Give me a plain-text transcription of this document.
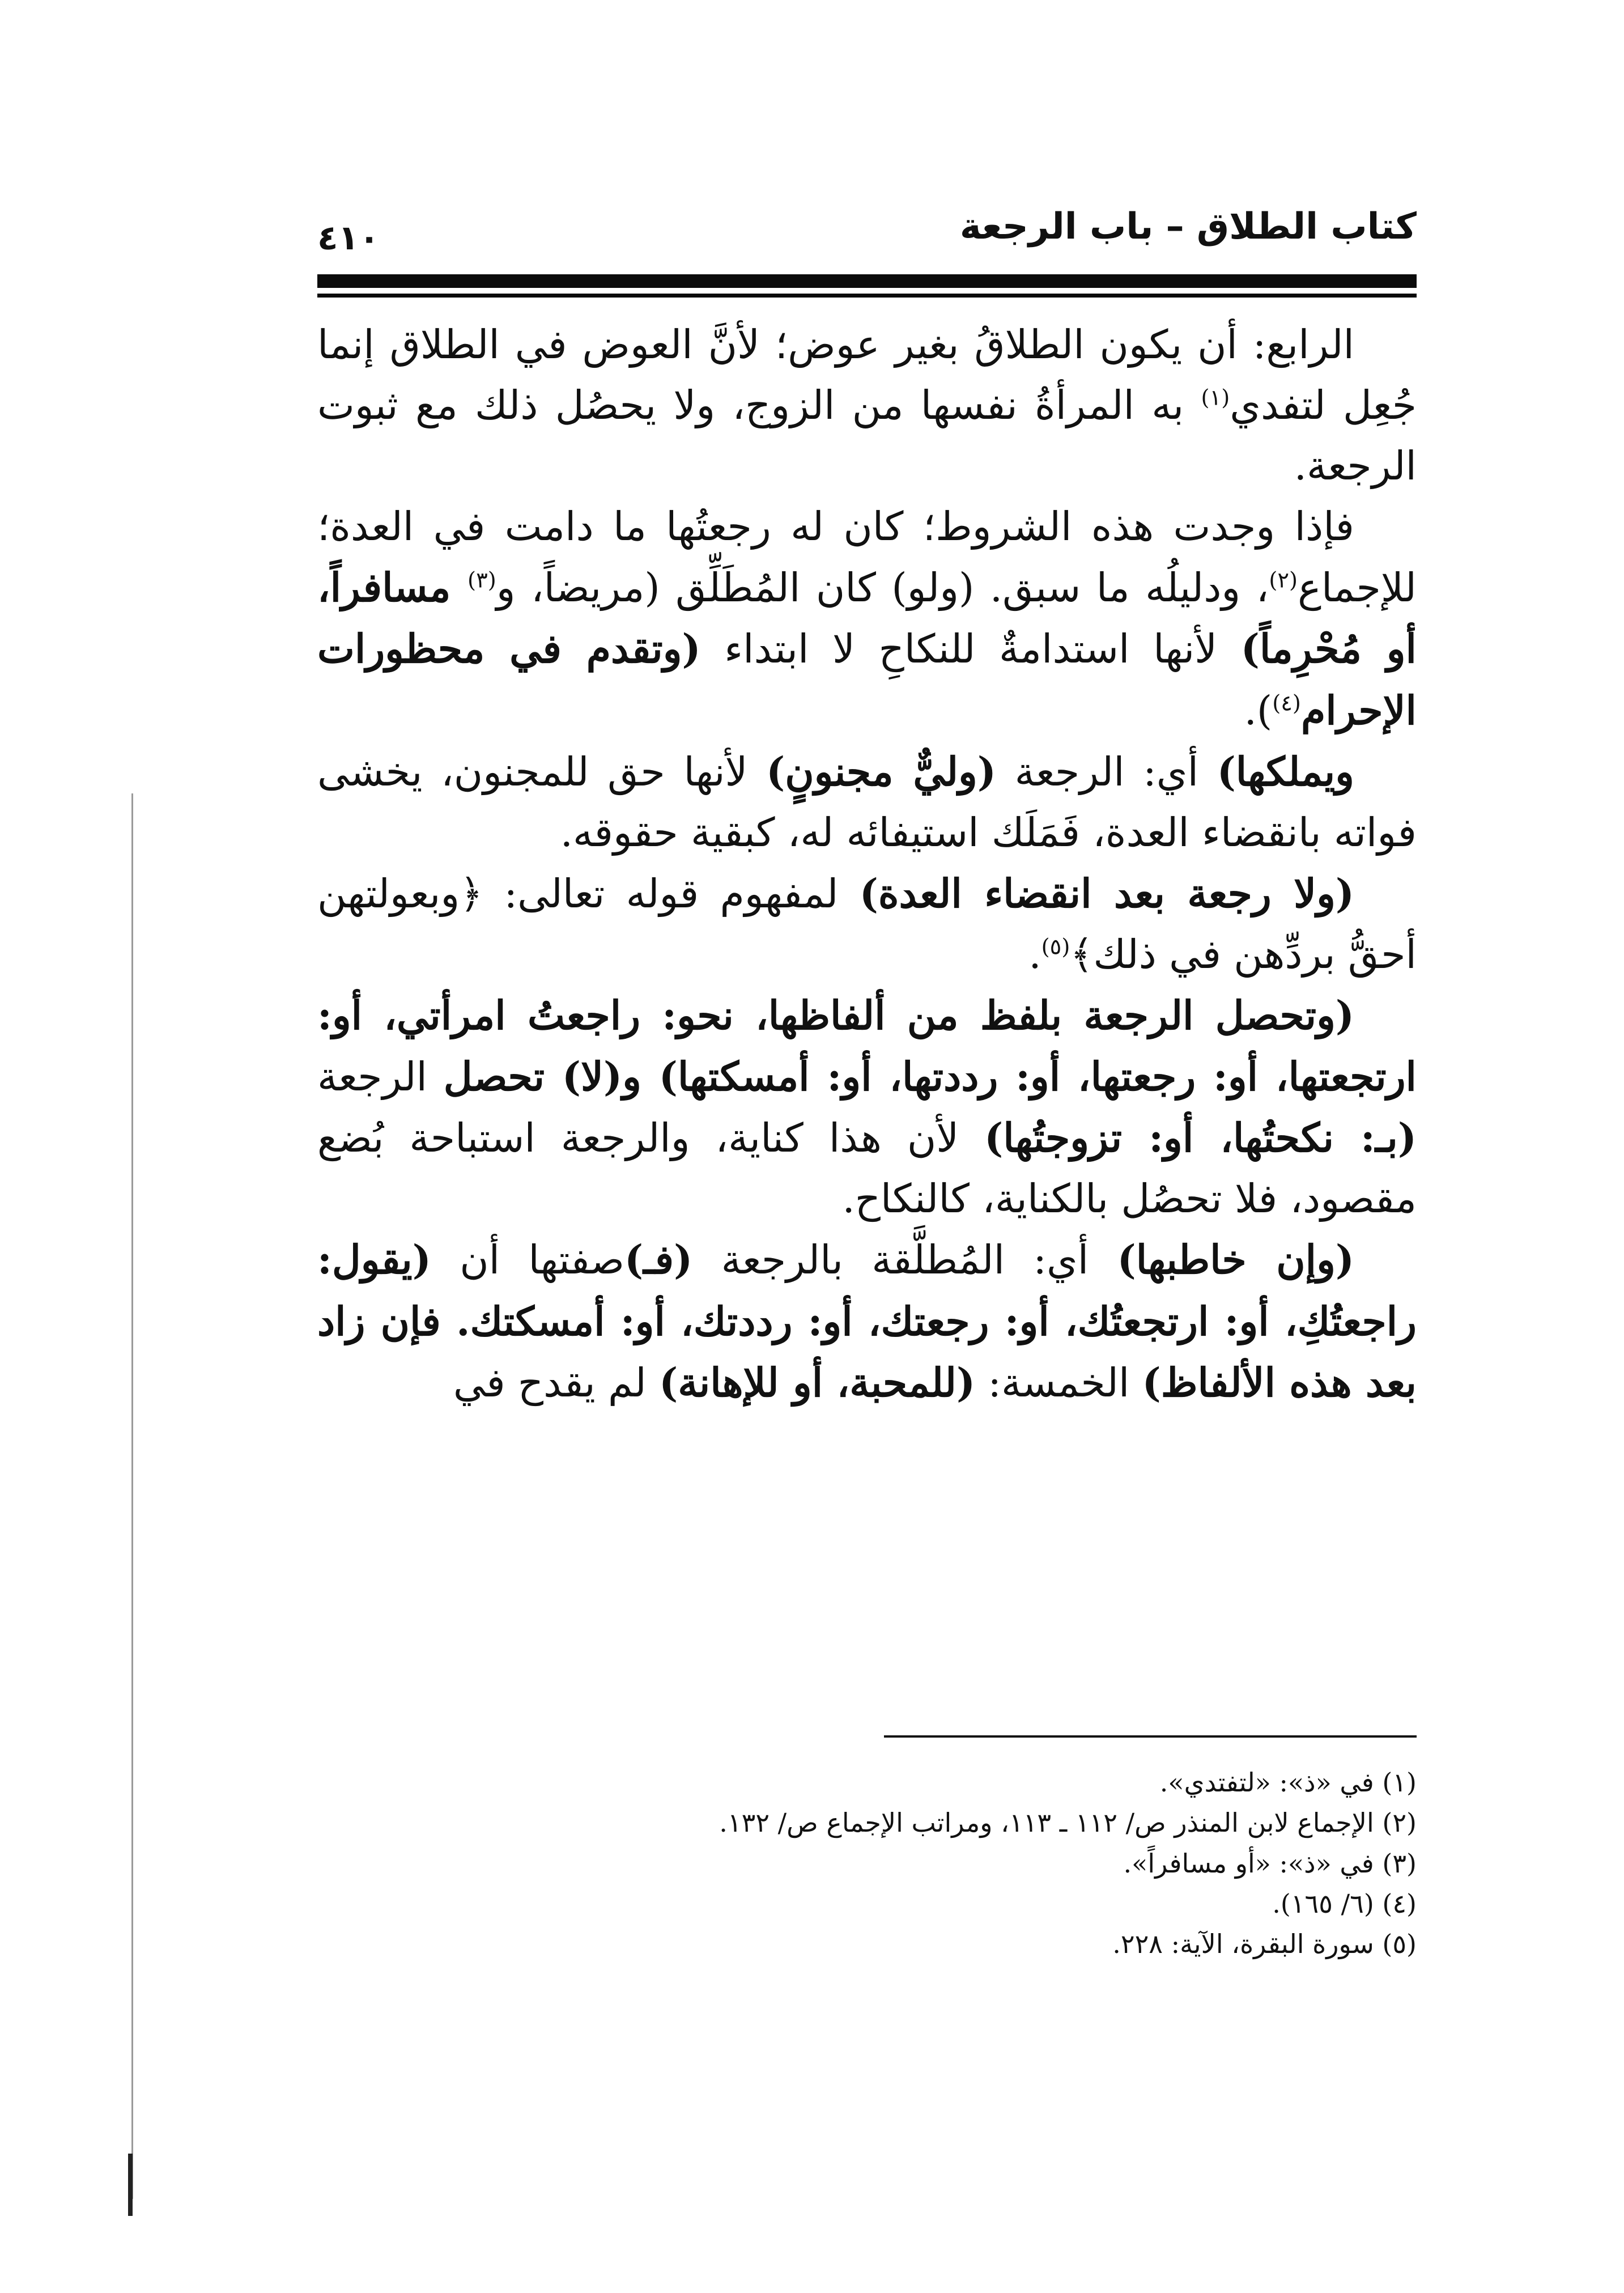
كتاب الطلاق – باب الرجعة
٤١٠

الرابع: أن يكون الطلاقُ بغير عوض؛ لأنَّ العوض في الطلاق إنما جُعِل لتفدي$^{(١)}$ به المرأةُ نفسها من الزوج، ولا يحصُل ذلك مع ثبوت الرجعة.

فإذا وجدت هذه الشروط؛ كان له رجعتُها ما دامت في العدة؛ للإجماع$^{(٢)}$، ودليلُه ما سبق. (ولو) كان المُطَلِّق (مريضاً، و$^{(٣)}$ مسافراً، أو مُحْرِماً) لأنها استدامةٌ للنكاحِ لا ابتداء (وتقدم في محظورات الإحرام$^{(٤)}$).

ويملكها) أي: الرجعة (وليٌّ مجنونٍ) لأنها حق للمجنون، يخشى فواته بانقضاء العدة، فَمَلَك استيفائه له، كبقية حقوقه.

(ولا رجعة بعد انقضاء العدة) لمفهوم قوله تعالى: ﴿وبعولتهن أحقُّ بردِّهن في ذلك﴾$^{(٥)}$.

(وتحصل الرجعة بلفظ من ألفاظها، نحو: راجعتُ امرأتي، أو: ارتجعتها، أو: رجعتها، أو: رددتها، أو: أمسكتها) و(لا) تحصل الرجعة (بـ: نكحتُها، أو: تزوجتُها) لأن هذا كناية، والرجعة استباحة بُضع مقصود، فلا تحصُل بالكناية، كالنكاح.

(وإن خاطبها) أي: المُطلَّقة بالرجعة (فـ)صفتها أن (يقول: راجعتُكِ، أو: ارتجعتُك، أو: رجعتك، أو: رددتك، أو: أمسكتك. فإن زاد بعد هذه الألفاظ) الخمسة: (للمحبة، أو للإهانة) لم يقدح في

(١) في «ذ»: «لتفتدي».

(٢) الإجماع لابن المنذر ص/ ١١٢ ـ ١١٣، ومراتب الإجماع ص/ ١٣٢.

(٣) في «ذ»: «أو مسافراً».

(٤) (٦/ ١٦٥).

(٥) سورة البقرة، الآية: ٢٢٨.
